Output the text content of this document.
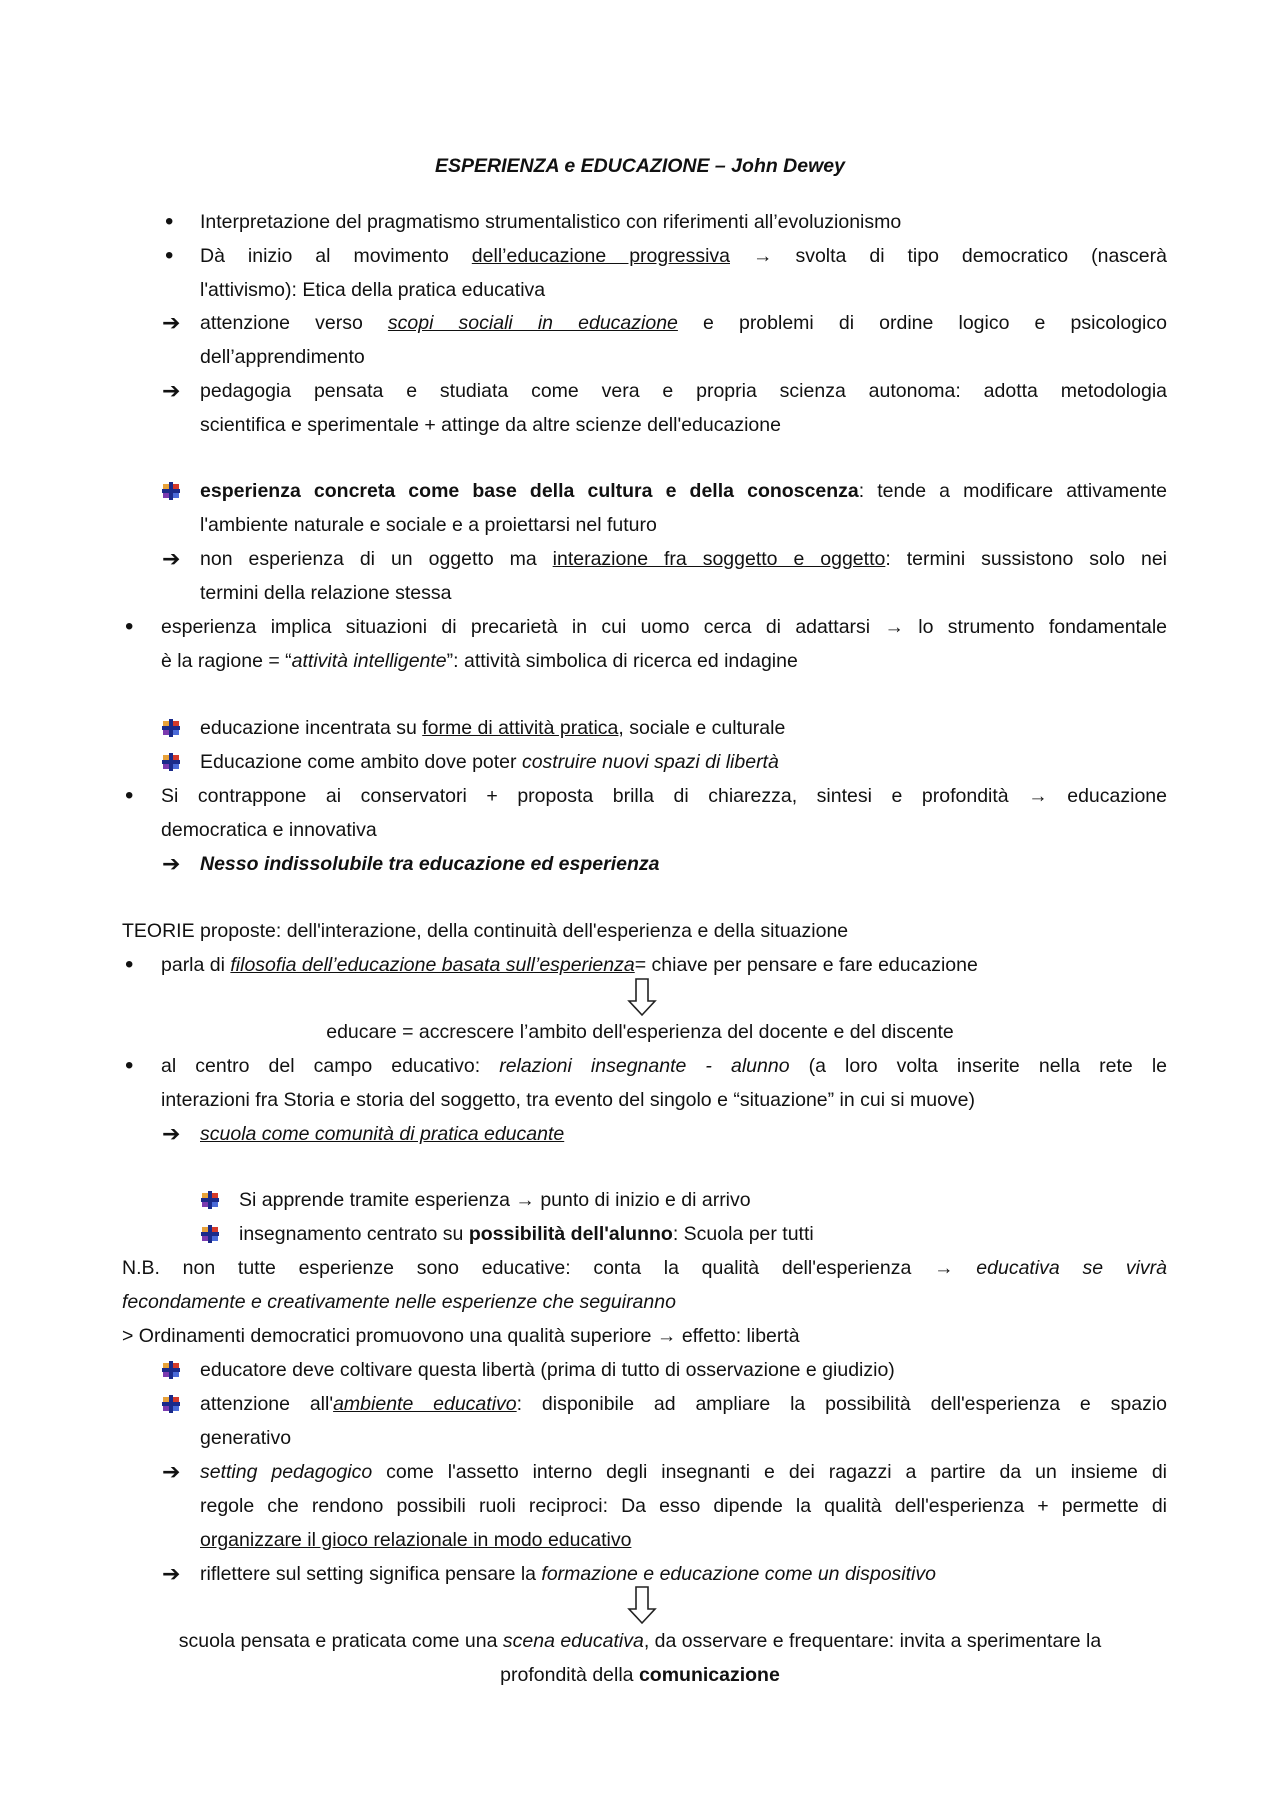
ESPERIENZA e EDUCAZIONE – John Dewey
• Interpretazione del pragmatismo strumentalistico con riferimenti all’evoluzionismo
• Dà inizio al movimento dell’educazione progressiva → svolta di tipo democratico (nascerà
l'attivismo): Etica della pratica educativa
➔ attenzione verso scopi sociali in educazione e problemi di ordine logico e psicologico
dell’apprendimento
➔ pedagogia pensata e studiata come vera e propria scienza autonoma: adotta metodologia
scientifica e sperimentale + attinge da altre scienze dell'educazione
esperienza concreta come base della cultura e della conoscenza: tende a modificare attivamente
l'ambiente naturale e sociale e a proiettarsi nel futuro
➔ non esperienza di un oggetto ma interazione fra soggetto e oggetto: termini sussistono solo nei
termini della relazione stessa
• esperienza implica situazioni di precarietà in cui uomo cerca di adattarsi → lo strumento fondamentale
è la ragione = “attività intelligente”: attività simbolica di ricerca ed indagine
educazione incentrata su forme di attività pratica, sociale e culturale
Educazione come ambito dove poter costruire nuovi spazi di libertà
• Si contrappone ai conservatori + proposta brilla di chiarezza, sintesi e profondità → educazione
democratica e innovativa
➔ Nesso indissolubile tra educazione ed esperienza
TEORIE proposte: dell'interazione, della continuità dell'esperienza e della situazione
• parla di filosofia dell’educazione basata sull’esperienza= chiave per pensare e fare educazione
educare = accrescere l’ambito dell'esperienza del docente e del discente
• al centro del campo educativo: relazioni insegnante - alunno (a loro volta inserite nella rete le
interazioni fra Storia e storia del soggetto, tra evento del singolo e “situazione” in cui si muove)
➔ scuola come comunità di pratica educante
Si apprende tramite esperienza → punto di inizio e di arrivo
insegnamento centrato su possibilità dell'alunno: Scuola per tutti
N.B. non tutte esperienze sono educative: conta la qualità dell'esperienza → educativa se vivrà
fecondamente e creativamente nelle esperienze che seguiranno
> Ordinamenti democratici promuovono una qualità superiore → effetto: libertà
educatore deve coltivare questa libertà (prima di tutto di osservazione e giudizio)
attenzione all'ambiente educativo: disponibile ad ampliare la possibilità dell'esperienza e spazio
generativo
➔ setting pedagogico come l'assetto interno degli insegnanti e dei ragazzi a partire da un insieme di
regole che rendono possibili ruoli reciproci: Da esso dipende la qualità dell'esperienza + permette di
organizzare il gioco relazionale in modo educativo
➔ riflettere sul setting significa pensare la formazione e educazione come un dispositivo
scuola pensata e praticata come una scena educativa, da osservare e frequentare: invita a sperimentare la
profondità della comunicazione
